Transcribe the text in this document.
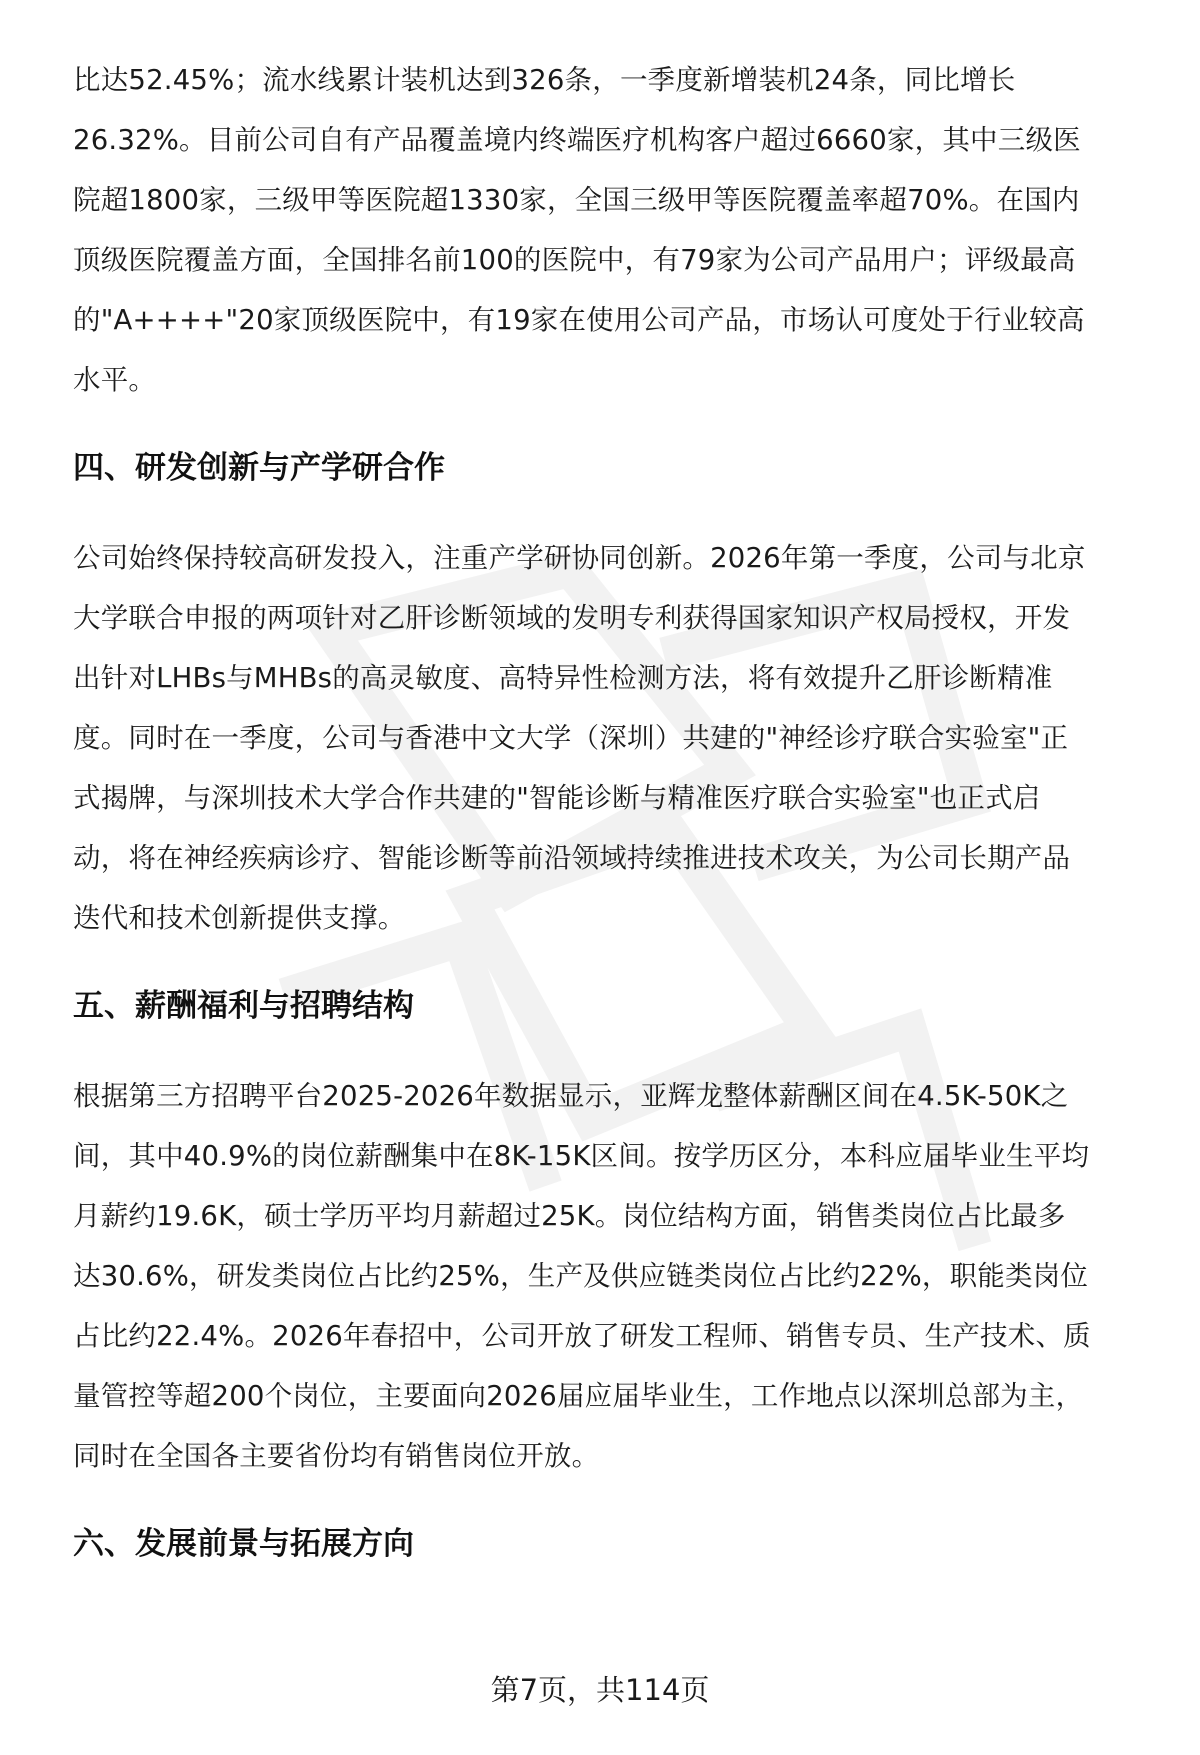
比达52.45%；流水线累计装机达到326条，一季度新增装机24条，同比增长
26.32%。目前公司自有产品覆盖境内终端医疗机构客户超过6660家，其中三级医
院超1800家，三级甲等医院超1330家，全国三级甲等医院覆盖率超70%。在国内
顶级医院覆盖方面，全国排名前100的医院中，有79家为公司产品用户；评级最高
的"A++++"20家顶级医院中，有19家在使用公司产品，市场认可度处于行业较高
水平。

四、研发创新与产学研合作

公司始终保持较高研发投入，注重产学研协同创新。2026年第一季度，公司与北京
大学联合申报的两项针对乙肝诊断领域的发明专利获得国家知识产权局授权，开发
出针对LHBs与MHBs的高灵敏度、高特异性检测方法，将有效提升乙肝诊断精准
度。同时在一季度，公司与香港中文大学（深圳）共建的"神经诊疗联合实验室"正
式揭牌，与深圳技术大学合作共建的"智能诊断与精准医疗联合实验室"也正式启
动，将在神经疾病诊疗、智能诊断等前沿领域持续推进技术攻关，为公司长期产品
迭代和技术创新提供支撑。

五、薪酬福利与招聘结构

根据第三方招聘平台2025-2026年数据显示，亚辉龙整体薪酬区间在4.5K-50K之
间，其中40.9%的岗位薪酬集中在8K-15K区间。按学历区分，本科应届毕业生平均
月薪约19.6K，硕士学历平均月薪超过25K。岗位结构方面，销售类岗位占比最多
达30.6%，研发类岗位占比约25%，生产及供应链类岗位占比约22%，职能类岗位
占比约22.4%。2026年春招中，公司开放了研发工程师、销售专员、生产技术、质
量管控等超200个岗位，主要面向2026届应届毕业生，工作地点以深圳总部为主，
同时在全国各主要省份均有销售岗位开放。

六、发展前景与拓展方向
第7页，共114页
